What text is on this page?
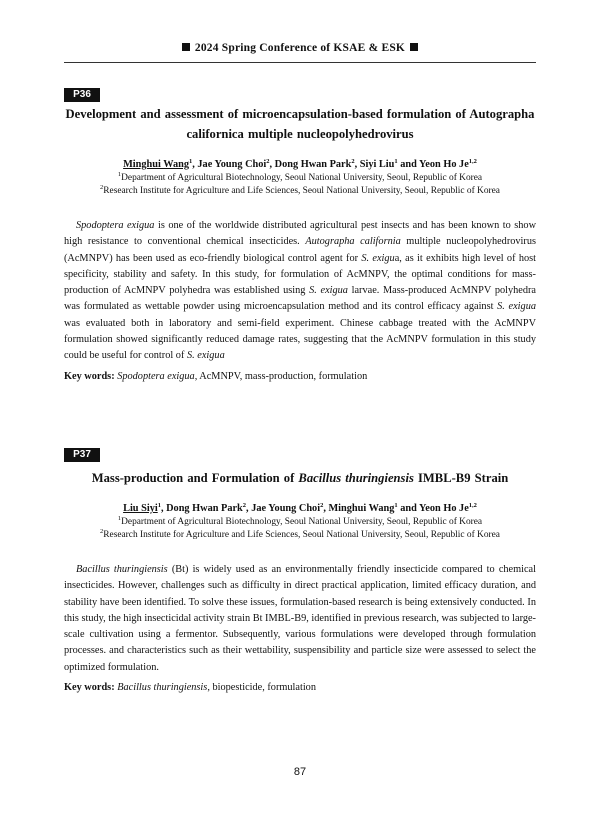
2024 Spring Conference of KSAE & ESK
P36
Development and assessment of microencapsulation-based formulation of Autographa californica multiple nucleopolyhedrovirus
Minghui Wang$^1$, Jae Young Choi$^2$, Dong Hwan Park$^2$, Siyi Liu$^1$ and Yeon Ho Je$^{1,2}$
$^1$Department of Agricultural Biotechnology, Seoul National University, Seoul, Republic of Korea
$^2$Research Institute for Agriculture and Life Sciences, Seoul National University, Seoul, Republic of Korea
Spodoptera exigua is one of the worldwide distributed agricultural pest insects and has been known to show high resistance to conventional chemical insecticides. Autographa california multiple nucleopolyhedrovirus (AcMNPV) has been used as eco-friendly biological control agent for S. exigua, as it exhibits high level of host specificity, stability and safety. In this study, for formulation of AcMNPV, the optimal conditions for mass-production of AcMNPV polyhedra was established using S. exigua larvae. Mass-produced AcMNPV polyhedra was formulated as wettable powder using microencapsulation method and its control efficacy against S. exigua was evaluated both in laboratory and semi-field experiment. Chinese cabbage treated with the AcMNPV formulation showed significantly reduced damage rates, suggesting that the AcMNPV formulation in this study could be useful for control of S. exigua
Key words: Spodoptera exigua, AcMNPV, mass-production, formulation
P37
Mass-production and Formulation of Bacillus thuringiensis IMBL-B9 Strain
Liu Siyi$^1$, Dong Hwan Park$^2$, Jae Young Choi$^2$, Minghui Wang$^1$ and Yeon Ho Je$^{1,2}$
$^1$Department of Agricultural Biotechnology, Seoul National University, Seoul, Republic of Korea
$^2$Research Institute for Agriculture and Life Sciences, Seoul National University, Seoul, Republic of Korea
Bacillus thuringiensis (Bt) is widely used as an environmentally friendly insecticide compared to chemical insecticides. However, challenges such as difficulty in direct practical application, limited efficacy duration, and stability have been identified. To solve these issues, formulation-based research is being extensively conducted. In this study, the high insecticidal activity strain Bt IMBL-B9, identified in previous research, was subjected to large-scale cultivation using a fermentor. Subsequently, various formulations were developed through formulation processes. and characteristics such as their wettability, suspensibility and particle size were assessed to select the optimized formulation.
Key words: Bacillus thuringiensis, biopesticide, formulation
87
